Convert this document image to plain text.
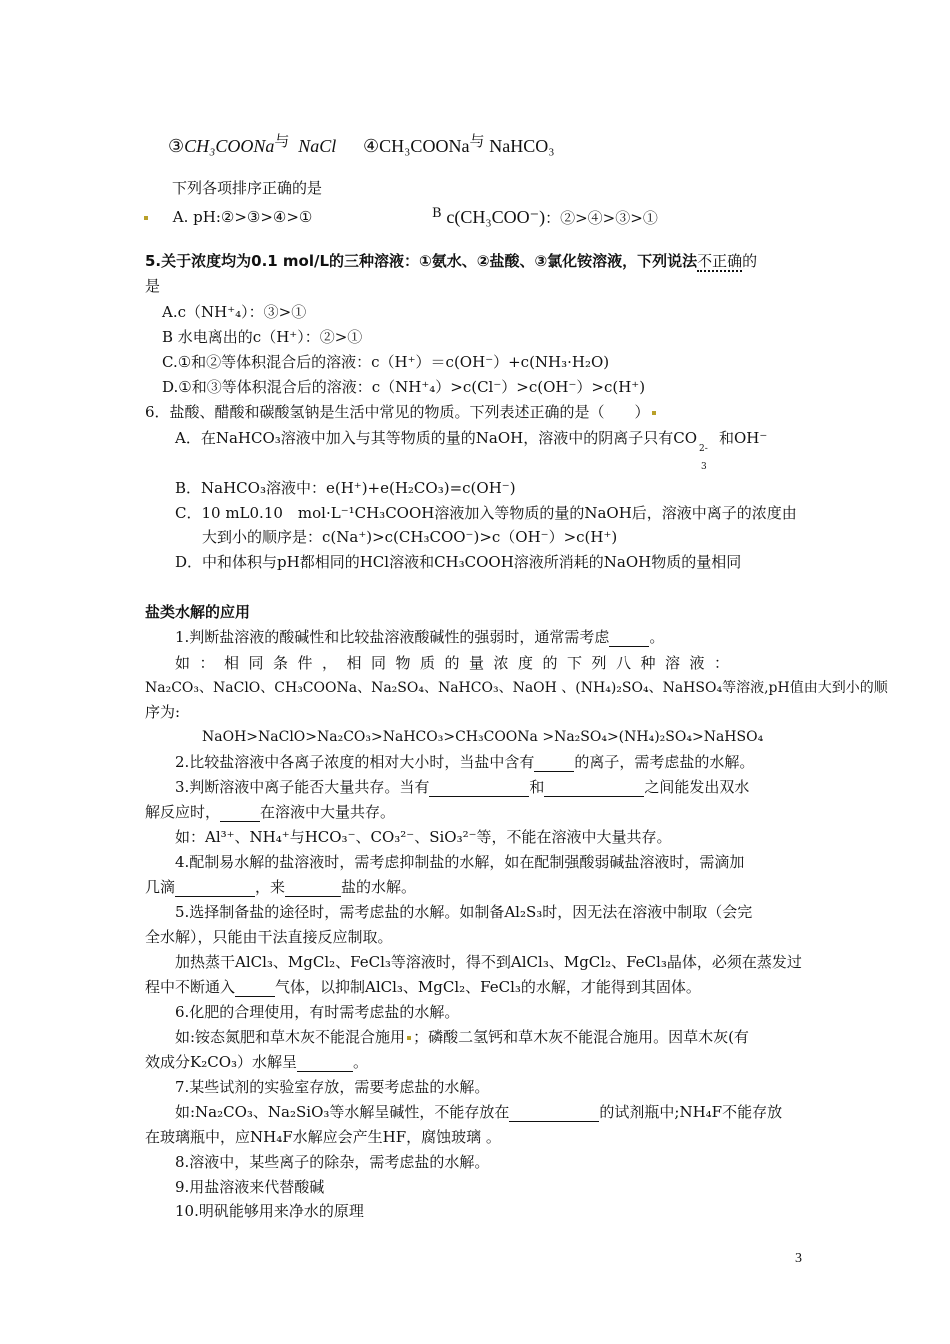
③CH₃COONa与 NaCl ④CH₃COONa与 NaHCO₃
下列各项排序正确的是
A. pH:②>③>④>①	B c(CH₃COO⁻)：②>④>③>①
5.关于浓度均为0.1 mol/L的三种溶液：①氨水、②盐酸、③氯化铵溶液，下列说法不正确的
是
A.c（NH⁺₄）：③>①
B 水电离出的c（H⁺）：②>①
C.①和②等体积混合后的溶液：c（H⁺）＝c(OH⁻）+c(NH₃·H₂O)
D.①和③等体积混合后的溶液：c（NH⁺₄）>c(Cl⁻）>c(OH⁻）>c(H⁺)
6．盐酸、醋酸和碳酸氢钠是生活中常见的物质。下列表述正确的是（　　）
A．在NaHCO₃溶液中加入与其等物质的量的NaOH，溶液中的阴离子只有CO
2-
3
和OH⁻
B．NaHCO₃溶液中：e(H⁺)+e(H₂CO₃)=c(OH⁻)
C．10 mL0.10　mol·L⁻¹CH₃COOH溶液加入等物质的量的NaOH后，溶液中离子的浓度由
大到小的顺序是：c(Na⁺)>c(CH₃COO⁻)>c（OH⁻）>c(H⁺)
D．中和体积与pH都相同的HCl溶液和CH₃COOH溶液所消耗的NaOH物质的量相同
盐类水解的应用
1.判断盐溶液的酸碱性和比较盐溶液酸碱性的强弱时，通常需考虑	。
如：相同条件，相同物质的量浓度的下列八种溶液：
Na₂CO₃、NaClO、CH₃COONa、Na₂SO₄、NaHCO₃、NaOH 、(NH₄)₂SO₄、NaHSO₄等溶液,pH值由大到小的顺
序为:
NaOH>NaClO>Na₂CO₃>NaHCO₃>CH₃COONa >Na₂SO₄>(NH₄)₂SO₄>NaHSO₄
2.比较盐溶液中各离子浓度的相对大小时，当盐中含有	的离子，需考虑盐的水解。
3.判断溶液中离子能否大量共存。当有	和	之间能发出双水
解反应时，	在溶液中大量共存。
如：Al³⁺、NH₄⁺与HCO₃⁻、CO₃²⁻、SiO₃²⁻等，不能在溶液中大量共存。
4.配制易水解的盐溶液时，需考虑抑制盐的水解，如在配制强酸弱碱盐溶液时，需滴加
几滴	，来	盐的水解。
5.选择制备盐的途径时，需考虑盐的水解。如制备Al₂S₃时，因无法在溶液中制取（会完
全水解），只能由干法直接反应制取。
加热蒸干AlCl₃、MgCl₂、FeCl₃等溶液时，得不到AlCl₃、MgCl₂、FeCl₃晶体，必须在蒸发过
程中不断通入	气体，以抑制AlCl₃、MgCl₂、FeCl₃的水解，才能得到其固体。
6.化肥的合理使用，有时需考虑盐的水解。
如:铵态氮肥和草木灰不能混合施用 ；磷酸二氢钙和草木灰不能混合施用。因草木灰(有
效成分K₂CO₃）水解呈	。
7.某些试剂的实验室存放，需要考虑盐的水解。
如:Na₂CO₃、Na₂SiO₃等水解呈碱性，不能存放在	的试剂瓶中;NH₄F不能存放
在玻璃瓶中，应NH₄F水解应会产生HF，腐蚀玻璃 。
8.溶液中，某些离子的除杂，需考虑盐的水解。
9.用盐溶液来代替酸碱
10.明矾能够用来净水的原理
3
